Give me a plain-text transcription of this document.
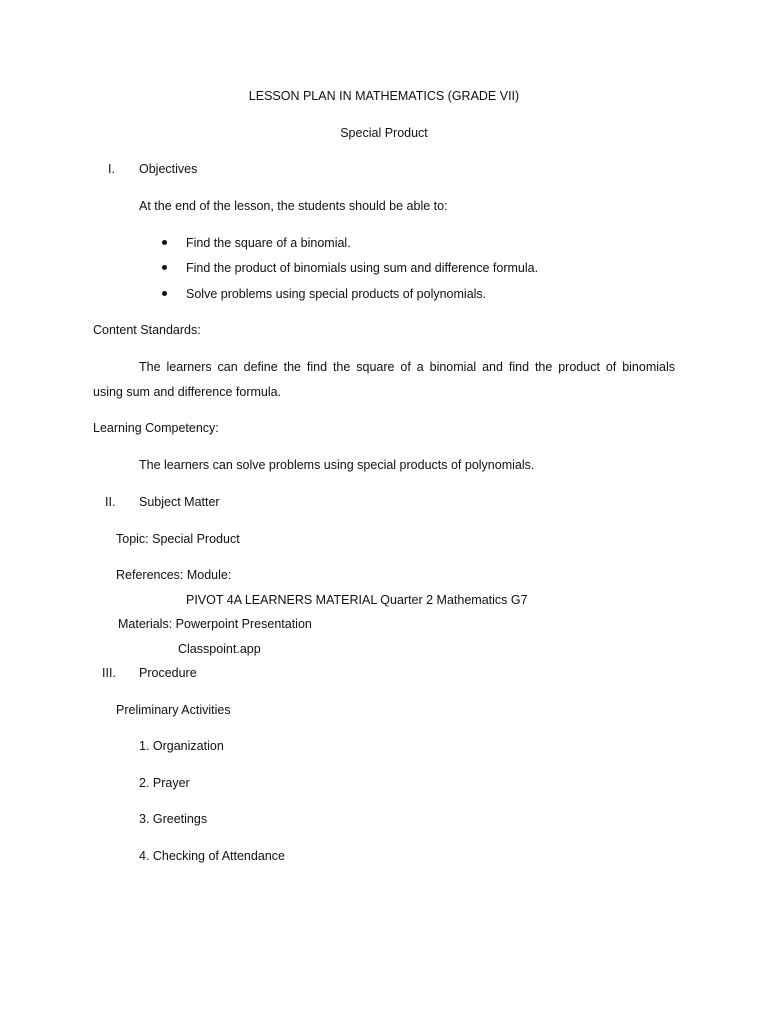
LESSON PLAN IN MATHEMATICS (GRADE VII)
Special Product
I. Objectives
At the end of the lesson, the students should be able to:
Find the square of a binomial.
Find the product of binomials using sum and difference formula.
Solve problems using special products of polynomials.
Content Standards:
The learners can define the find the square of a binomial and find the product of binomials
using sum and difference formula.
Learning Competency:
The learners can solve problems using special products of polynomials.
II. Subject Matter
Topic: Special Product
References: Module:
PIVOT 4A LEARNERS MATERIAL Quarter 2 Mathematics G7
Materials: Powerpoint Presentation
Classpoint.app
III. Procedure
Preliminary Activities
1. Organization
2. Prayer
3. Greetings
4. Checking of Attendance
